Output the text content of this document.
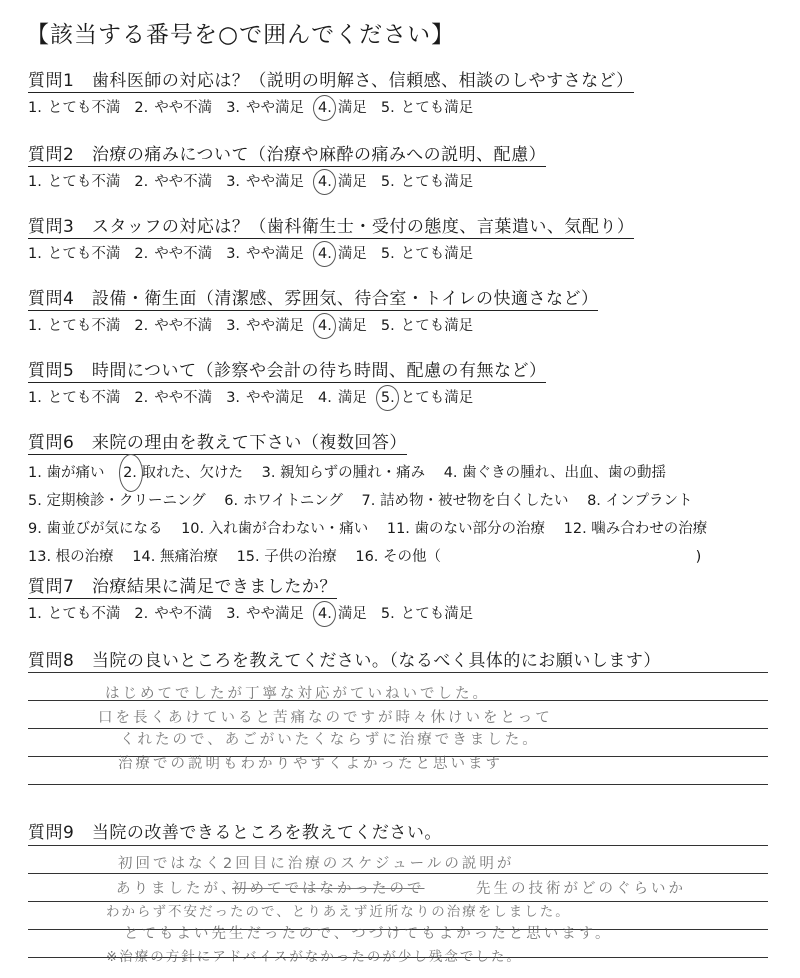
【該当する番号を○で囲んでください】
質問1　歯科医師の対応は？（説明の明解さ、信頼感、相談のしやすさなど）
1. とても不満 2. やや不満 3. やや満足 4. 満足 5. とても満足
質問2　治療の痛みについて（治療や麻酔の痛みへの説明、配慮）
1. とても不満 2. やや不満 3. やや満足 4. 満足 5. とても満足
質問3　スタッフの対応は？（歯科衛生士・受付の態度、言葉遣い、気配り）
1. とても不満 2. やや不満 3. やや満足 4. 満足 5. とても満足
質問4　設備・衛生面（清潔感、雰囲気、待合室・トイレの快適さなど）
1. とても不満 2. やや不満 3. やや満足 4. 満足 5. とても満足
質問5　時間について（診察や会計の待ち時間、配慮の有無など）
1. とても不満 2. やや不満 3. やや満足 4. 満足 5. とても満足
質問6　来院の理由を教えて下さい（複数回答）
1. 歯が痛い 2. 取れた、欠けた 3. 親知らずの腫れ・痛み 4. 歯ぐきの腫れ、出血、歯の動揺
5. 定期検診・クリーニング 6. ホワイトニング 7. 詰め物・被せ物を白くしたい 8. インプラント
9. 歯並びが気になる 10. 入れ歯が合わない・痛い 11. 歯のない部分の治療 12. 噛み合わせの治療
13. 根の治療 14. 無痛治療 15. 子供の治療 16. その他（	)
質問7　治療結果に満足できましたか？
1. とても不満 2. やや不満 3. やや満足 4. 満足 5. とても満足
質問8　当院の良いところを教えてください。（なるべく具体的にお願いします）
はじめてでしたが丁寧な対応がていねいでした。
口を長くあけていると苦痛なのですが時々休けいをとって
くれたので、あごがいたくならずに治療できました。
治療での説明もわかりやすくよかったと思います
質問9　当院の改善できるところを教えてください。
初回ではなく2回目に治療のスケジュールの説明が
ありましたが、
初めてではなかったので	先生の技術がどのぐらいか
わからず不安だったので、とりあえず近所なりの治療をしました。
とてもよい先生だったので、つづけてもよかったと思います。
※治療の方針にアドバイスがなかったのが少し残念でした。
